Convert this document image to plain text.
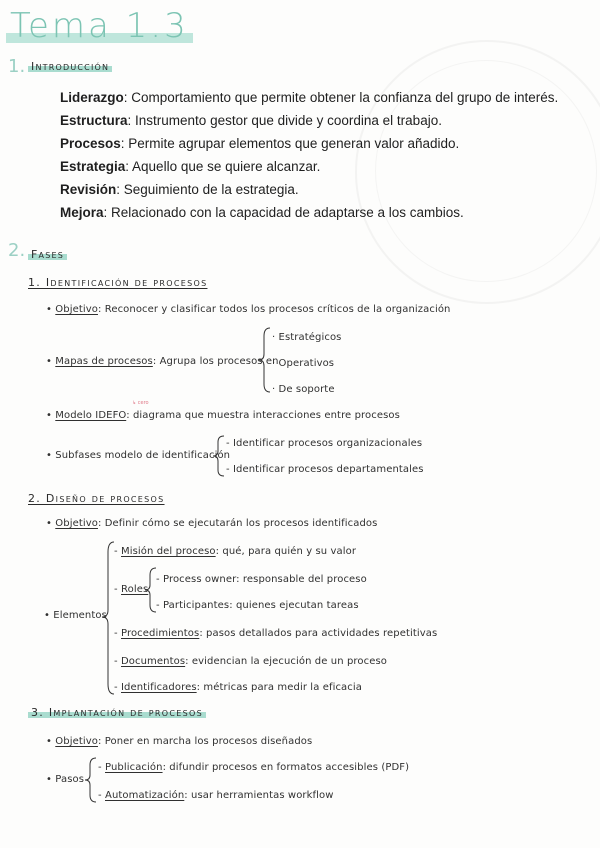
Tema 1.3
1. Introducción
Liderazgo: Comportamiento que permite obtener la confianza del grupo de interés.
Estructura: Instrumento gestor que divide y coordina el trabajo.
Procesos: Permite agrupar elementos que generan valor añadido.
Estrategia: Aquello que se quiere alcanzar.
Revisión: Seguimiento de la estrategia.
Mejora: Relacionado con la capacidad de adaptarse a los cambios.
2. Fases
1. Identificación de procesos
• Objetivo: Reconocer y clasificar todos los procesos críticos de la organización
• Mapas de procesos: Agrupa los procesos en
· Estratégicos
· Operativos
· De soporte
• Modelo IDEFO: diagrama que muestra interacciones entre procesos
↳ cero
• Subfases modelo de identificación
- Identificar procesos organizacionales
- Identificar procesos departamentales
2. Diseño de procesos
• Objetivo: Definir cómo se ejecutarán los procesos identificados
• Elementos
- Misión del proceso: qué, para quién y su valor
- Roles
- Process owner: responsable del proceso
- Participantes: quienes ejecutan tareas
- Procedimientos: pasos detallados para actividades repetitivas
- Documentos: evidencian la ejecución de un proceso
- Identificadores: métricas para medir la eficacia
3. Implantación de procesos
• Objetivo: Poner en marcha los procesos diseñados
• Pasos
- Publicación: difundir procesos en formatos accesibles (PDF)
- Automatización: usar herramientas workflow
